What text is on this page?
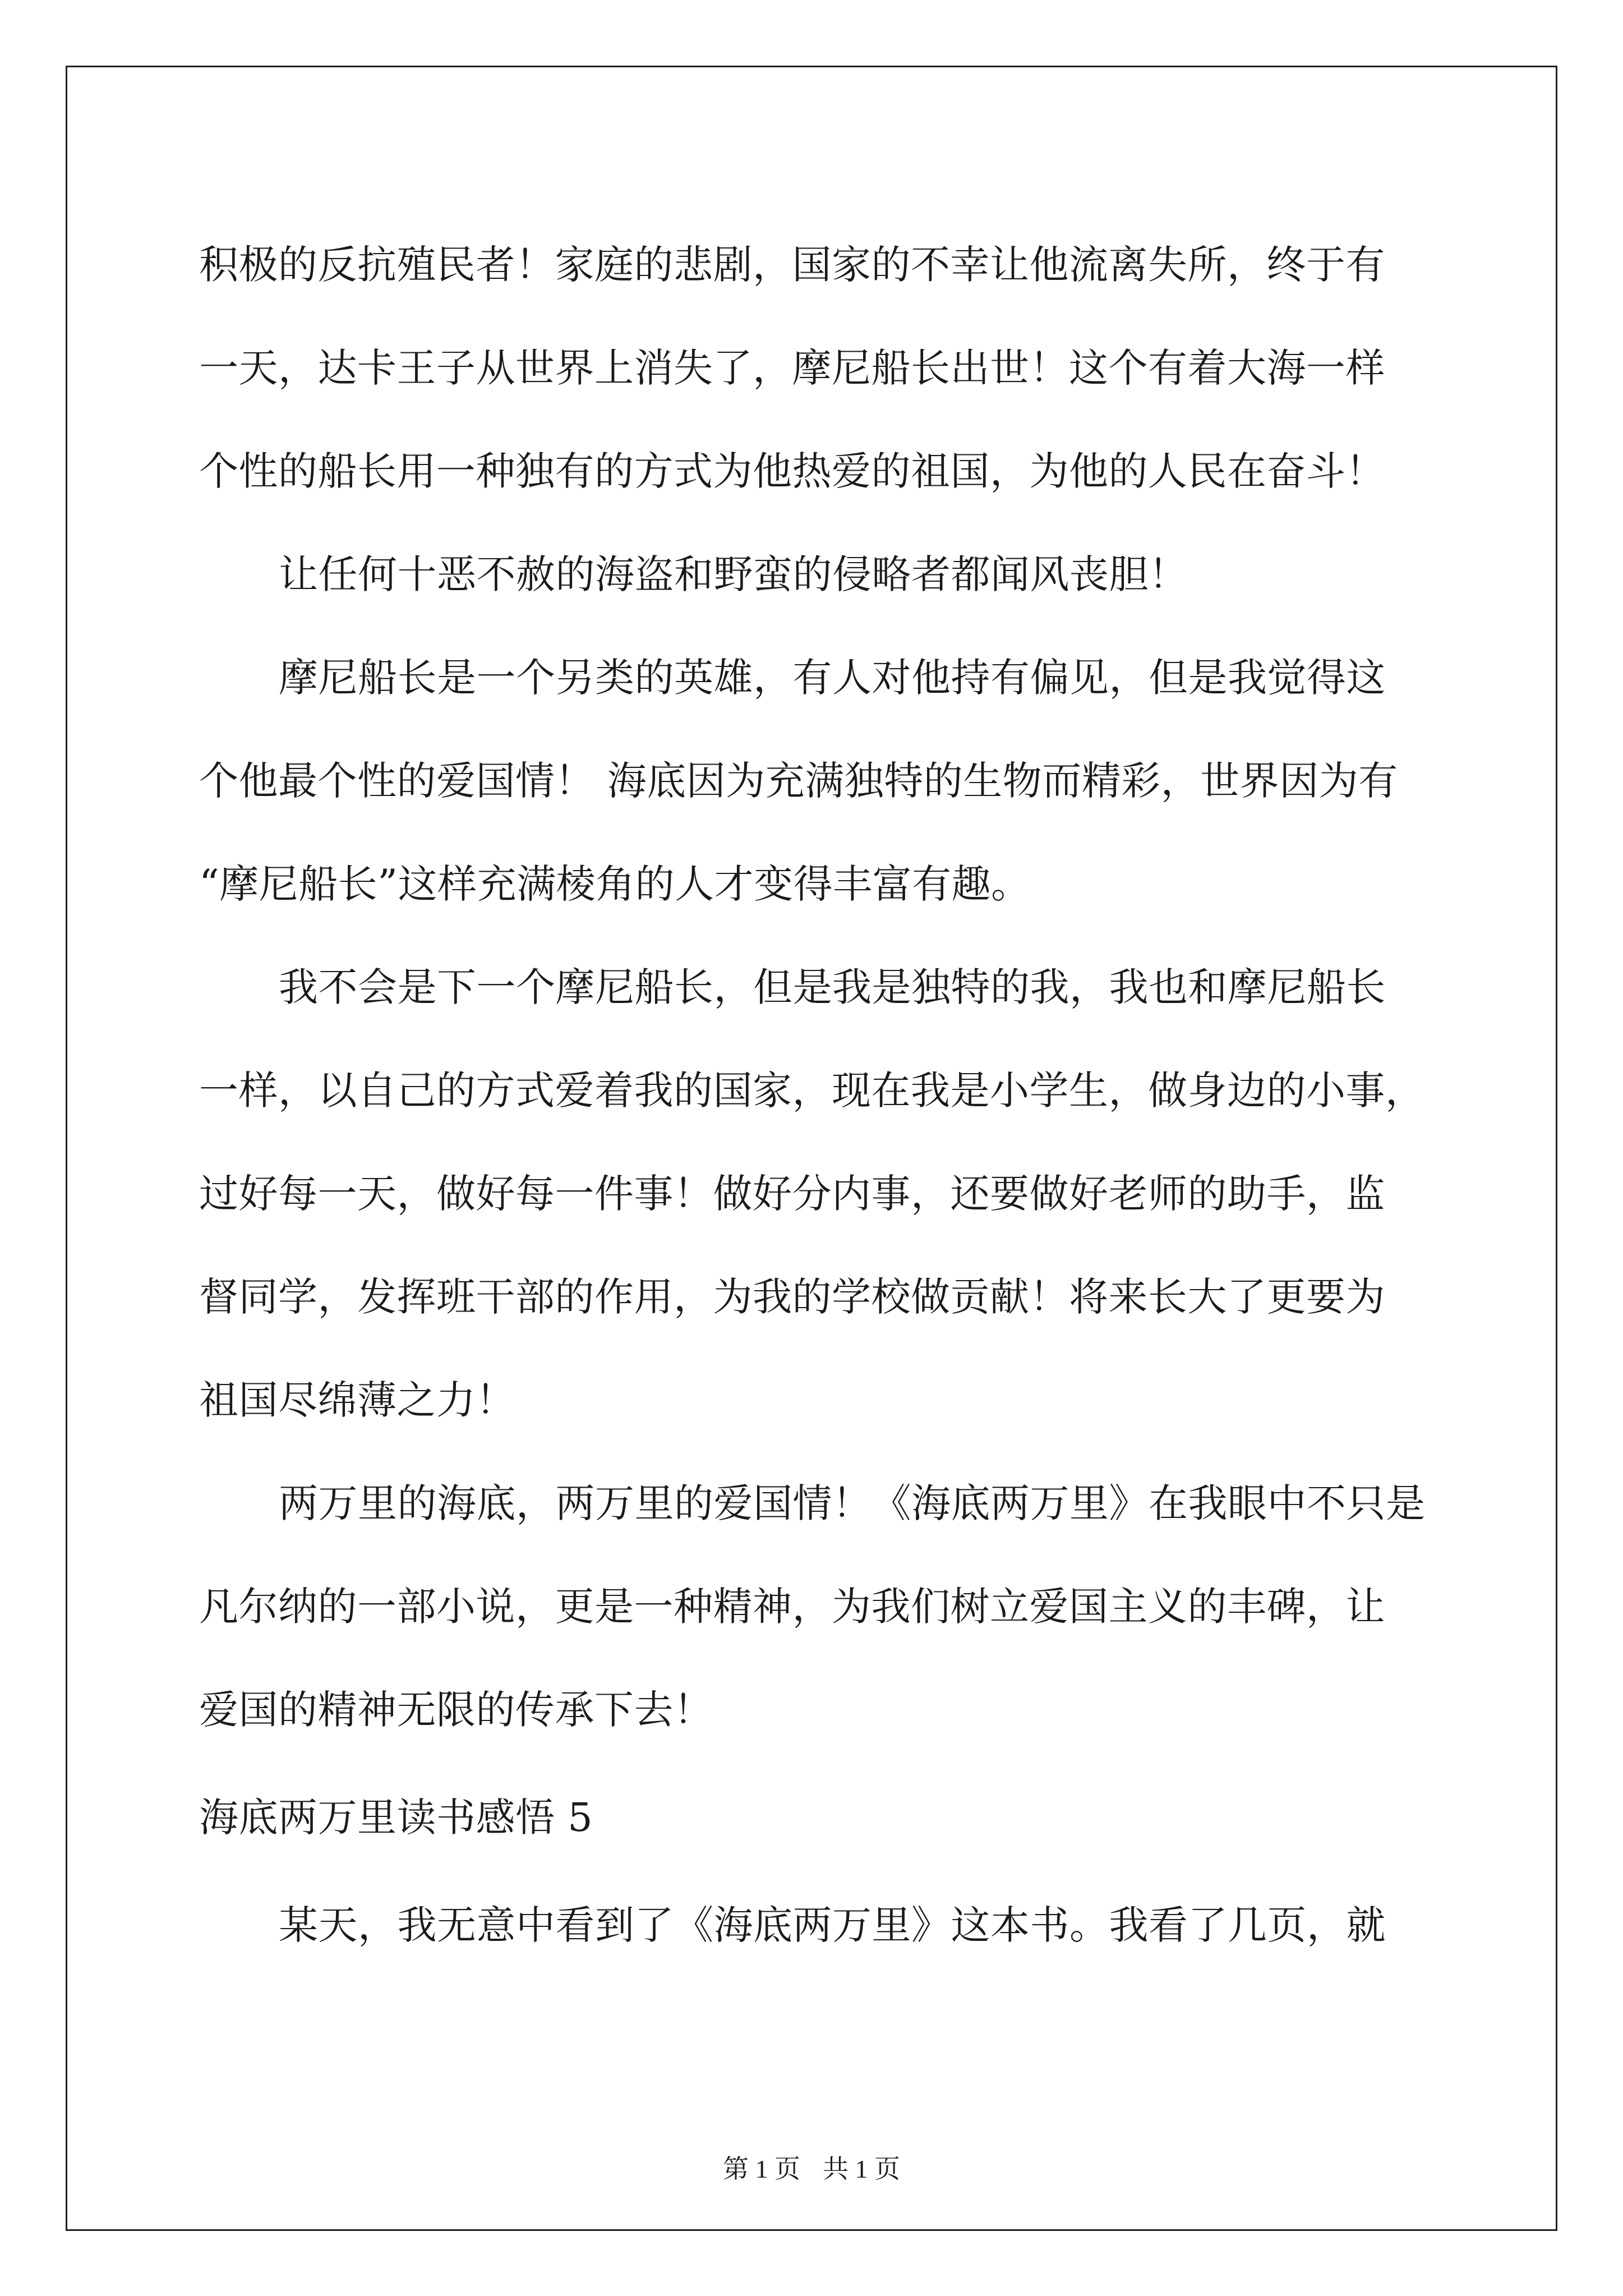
积极的反抗殖民者！家庭的悲剧，国家的不幸让他流离失所，终于有
一天，达卡王子从世界上消失了，摩尼船长出世！这个有着大海一样
个性的船长用一种独有的方式为他热爱的祖国，为他的人民在奋斗！
让任何十恶不赦的海盗和野蛮的侵略者都闻风丧胆！
摩尼船长是一个另类的英雄，有人对他持有偏见，但是我觉得这
个他最个性的爱国情！ 海底因为充满独特的生物而精彩，世界因为有
“摩尼船长”这样充满棱角的人才变得丰富有趣。
我不会是下一个摩尼船长，但是我是独特的我，我也和摩尼船长
一样，以自己的方式爱着我的国家，现在我是小学生，做身边的小事，
过好每一天，做好每一件事！做好分内事，还要做好老师的助手，监
督同学，发挥班干部的作用，为我的学校做贡献！将来长大了更要为
祖国尽绵薄之力！
两万里的海底，两万里的爱国情！《海底两万里》在我眼中不只是
凡尔纳的一部小说，更是一种精神，为我们树立爱国主义的丰碑，让
爱国的精神无限的传承下去！
海底两万里读书感悟 5
某天，我无意中看到了《海底两万里》这本书。我看了几页，就
第 1 页 共 1 页
